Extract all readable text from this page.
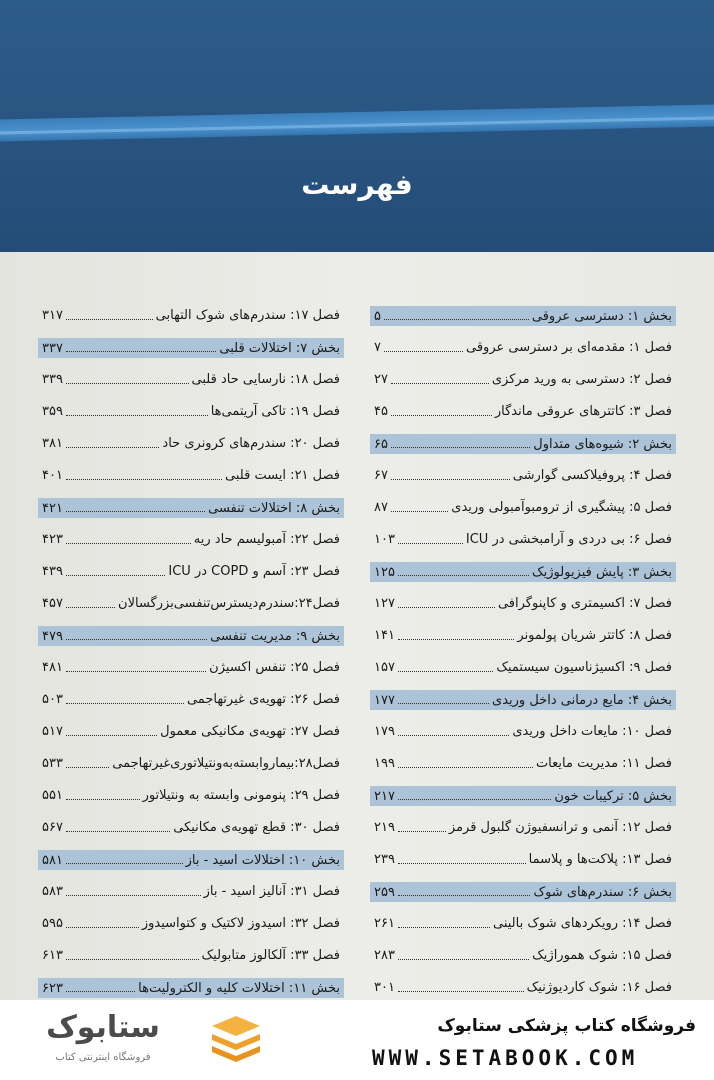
فهرست
بخش ۱: دسترسی عروقی
۵
فصل ۱: مقدمه‌ای بر دسترسی عروقی
۷
فصل ۲: دسترسی به ورید مرکزی
۲۷
فصل ۳: کاتترهای عروقی ماندگار
۴۵
بخش ۲: شیوه‌های متداول
۶۵
فصل ۴: پروفیلاکسی گوارشی
۶۷
فصل ۵: پیشگیری از ترومبوآمبولی وریدی
۸۷
فصل ۶: بی دردی و آرامبخشی در ICU
۱۰۳
بخش ۳: پایش فیزیولوژیک
۱۲۵
فصل ۷: اکسیمتری و کاپنوگرافی
۱۲۷
فصل ۸: کاتتر شریان پولمونر
۱۴۱
فصل ۹: اکسیژناسیون سیستمیک
۱۵۷
بخش ۴: مایع درمانی داخل وریدی
۱۷۷
فصل ۱۰: مایعات داخل وریدی
۱۷۹
فصل ۱۱: مدیریت مایعات
۱۹۹
بخش ۵: ترکیبات خون
۲۱۷
فصل ۱۲: آنمی و ترانسفیوژن گلبول قرمز
۲۱۹
فصل ۱۳: پلاکت‌ها و پلاسما
۲۳۹
بخش ۶: سندرم‌های شوک
۲۵۹
فصل ۱۴: رویکردهای شوک بالینی
۲۶۱
فصل ۱۵: شوک هموراژیک
۲۸۳
فصل ۱۶: شوک کاردیوژنیک
۳۰۱
فصل ۱۷: سندرم‌های شوک التهابی
۳۱۷
بخش ۷: اختلالات قلبی
۳۳۷
فصل ۱۸: نارسایی حاد قلبی
۳۳۹
فصل ۱۹: تاکی آریتمی‌ها
۳۵۹
فصل ۲۰: سندرم‌های کرونری حاد
۳۸۱
فصل ۲۱: ایست قلبی
۴۰۱
بخش ۸: اختلالات تنفسی
۴۲۱
فصل ۲۲: آمبولیسم حاد ریه
۴۲۳
فصل ۲۳: آسم و COPD در ICU
۴۳۹
فصل۲۴:سندرم‌دیسترس‌تنفسی‌بزرگسالان
۴۵۷
بخش ۹: مدیریت تنفسی
۴۷۹
فصل ۲۵: تنفس اکسیژن
۴۸۱
فصل ۲۶: تهویه‌ی غیرتهاجمی
۵۰۳
فصل ۲۷: تهویه‌ی مکانیکی معمول
۵۱۷
فصل۲۸:بیماروابسته‌به‌ونتیلاتوری‌غیرتهاجمی
۵۳۳
فصل ۲۹: پنومونی وابسته به ونتیلاتور
۵۵۱
فصل ۳۰: قطع تهویه‌ی مکانیکی
۵۶۷
بخش ۱۰: اختلالات اسید - باز
۵۸۱
فصل ۳۱: آنالیز اسید - باز
۵۸۳
فصل ۳۲: اسیدوز لاکتیک و کتواسیدوز
۵۹۵
فصل ۳۳: آلکالوز متابولیک
۶۱۳
بخش ۱۱: اختلالات کلیه و الکترولیت‌ها
۶۲۳
ستابوک
فروشگاه اینترنتی کتاب
فروشگاه کتاب پزشکی ستابوک
WWW.SETABOOK.COM
